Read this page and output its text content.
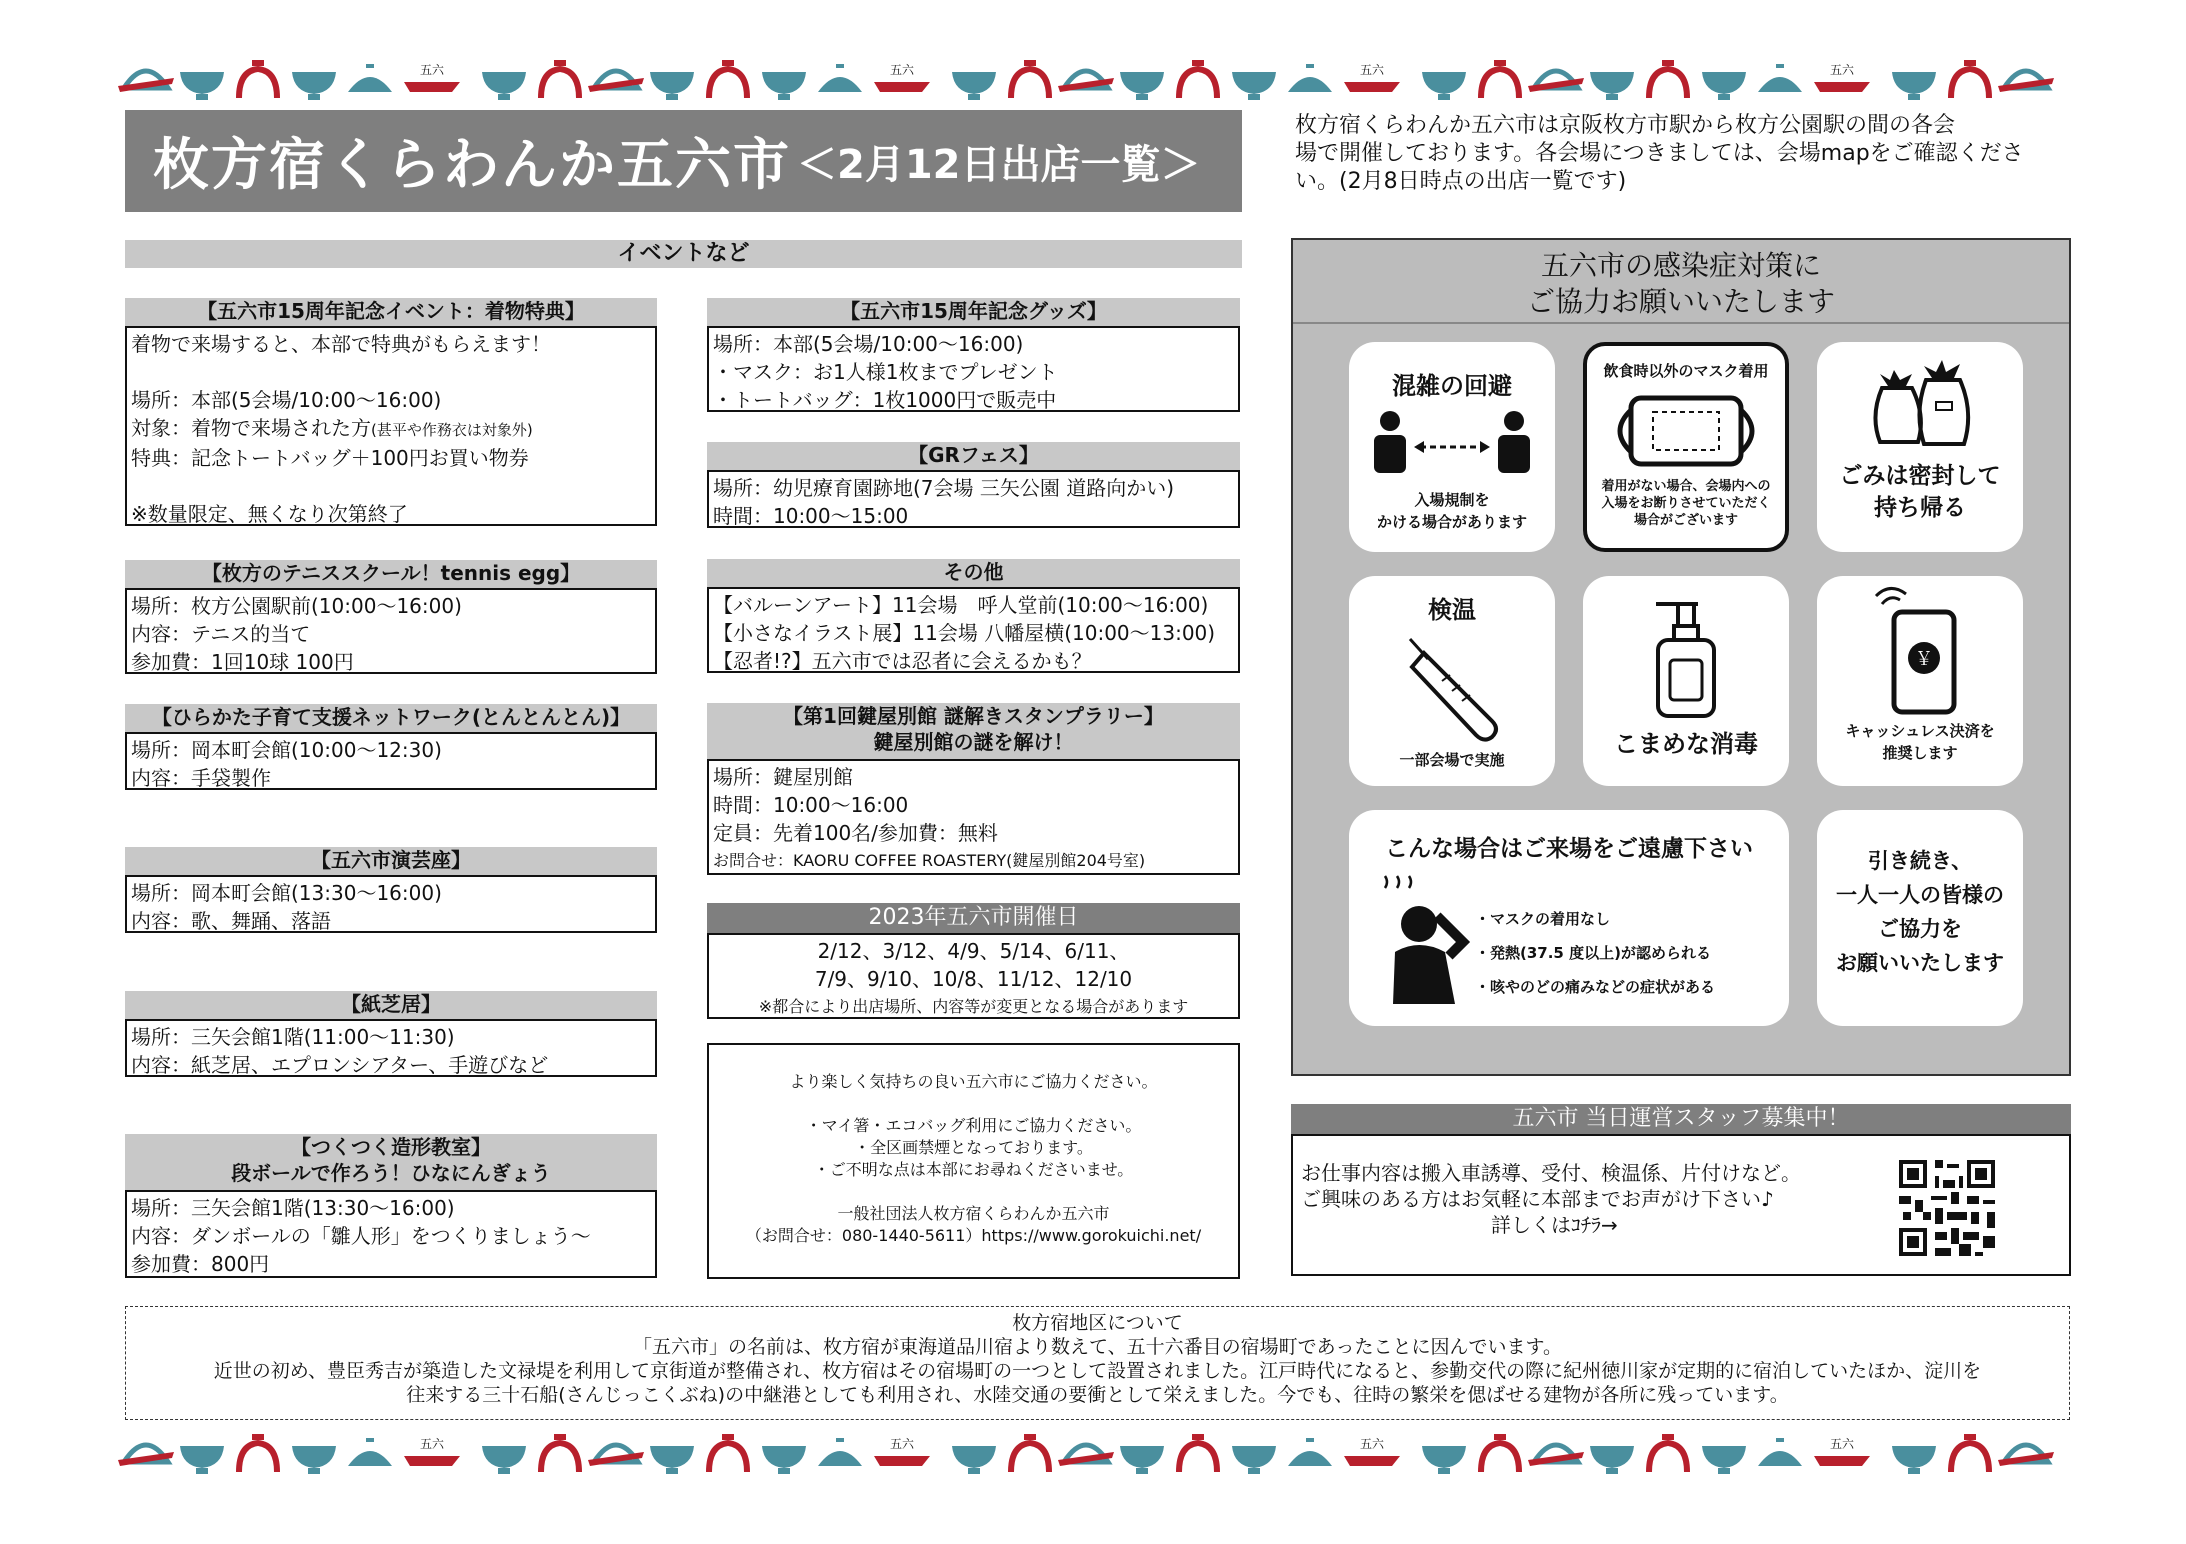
五六	五六	五六	五六
枚方宿くらわんか五六市 ＜2月12日出店一覧＞
枚方宿くらわんか五六市は京阪枚方市駅から枚方公園駅の間の各会
場で開催しております。各会場につきましては、会場mapをご確認くださ
い。(2月8日時点の出店一覧です)
イベントなど
【五六市15周年記念イベント：着物特典】
着物で来場すると、本部で特典がもらえます！

場所：本部(5会場/10:00～16:00)
対象：着物で来場された方(甚平や作務衣は対象外)
特典：記念トートバッグ＋100円お買い物券

※数量限定、無くなり次第終了
【枚方のテニススクール！tennis egg】
場所：枚方公園駅前(10:00～16:00)
内容：テニス的当て
参加費：1回10球 100円
【ひらかた子育て支援ネットワーク(とんとんとん)】
場所：岡本町会館(10:00～12:30)
内容：手袋製作
【五六市演芸座】
場所：岡本町会館(13:30～16:00)
内容：歌、舞踊、落語
【紙芝居】
場所：三矢会館1階(11:00～11:30)
内容：紙芝居、エプロンシアター、手遊びなど
【つくつく造形教室】
段ボールで作ろう！ひなにんぎょう
場所：三矢会館1階(13:30～16:00)
内容：ダンボールの「雛人形」をつくりましょう～
参加費：800円
【五六市15周年記念グッズ】
場所：本部(5会場/10:00～16:00)
・マスク：お1人様1枚までプレゼント
・トートバッグ：1枚1000円で販売中
【GRフェス】
場所：幼児療育園跡地(7会場 三矢公園 道路向かい)
時間：10:00～15:00
その他
【バルーンアート】11会場　呼人堂前(10:00～16:00)
【小さなイラスト展】11会場 八幡屋横(10:00～13:00)
【忍者!?】五六市では忍者に会えるかも？
【第1回鍵屋別館 謎解きスタンプラリー】
鍵屋別館の謎を解け！
場所：鍵屋別館
時間：10:00～16:00
定員：先着100名/参加費：無料
お問合せ：KAORU COFFEE ROASTERY(鍵屋別館204号室)
2023年五六市開催日
2/12、3/12、4/9、5/14、6/11、
7/9、9/10、10/8、11/12、12/10
※都合により出店場所、内容等が変更となる場合があります
より楽しく気持ちの良い五六市にご協力ください。

・マイ箸・エコバッグ利用にご協力ください。
・全区画禁煙となっております。
・ご不明な点は本部にお尋ねくださいませ。

一般社団法人枚方宿くらわんか五六市
（お問合せ：080-1440-5611）https://www.gorokuichi.net/
五六市の感染症対策に
ご協力お願いいたします
混雑の回避
入場規制を
かける場合があります
飲食時以外のマスク着用
着用がない場合、会場内への
入場をお断りさせていただく
場合がございます
ごみは密封して
持ち帰る
検温
一部会場で実施
こまめな消毒
￥
キャッシュレス決済を
推奨します
こんな場合はご来場をご遠慮下さい
・マスクの着用なし
・発熱(37.5 度以上)が認められる
・咳やのどの痛みなどの症状がある
引き続き、
一人一人の皆様の
ご協力を
お願いいたします
五六市 当日運営スタッフ募集中！
お仕事内容は搬入車誘導、受付、検温係、片付けなど。
ご興味のある方はお気軽に本部までお声がけ下さい♪
詳しくはｺﾁﾗ→
枚方宿地区について
「五六市」の名前は、枚方宿が東海道品川宿より数えて、五十六番目の宿場町であったことに因んでいます。
近世の初め、豊臣秀吉が築造した文禄堤を利用して京街道が整備され、枚方宿はその宿場町の一つとして設置されました。江戸時代になると、参勤交代の際に紀州徳川家が定期的に宿泊していたほか、淀川を
往来する三十石船(さんじっこくぶね)の中継港としても利用され、水陸交通の要衝として栄えました。今でも、往時の繁栄を偲ばせる建物が各所に残っています。
五六	五六	五六	五六
